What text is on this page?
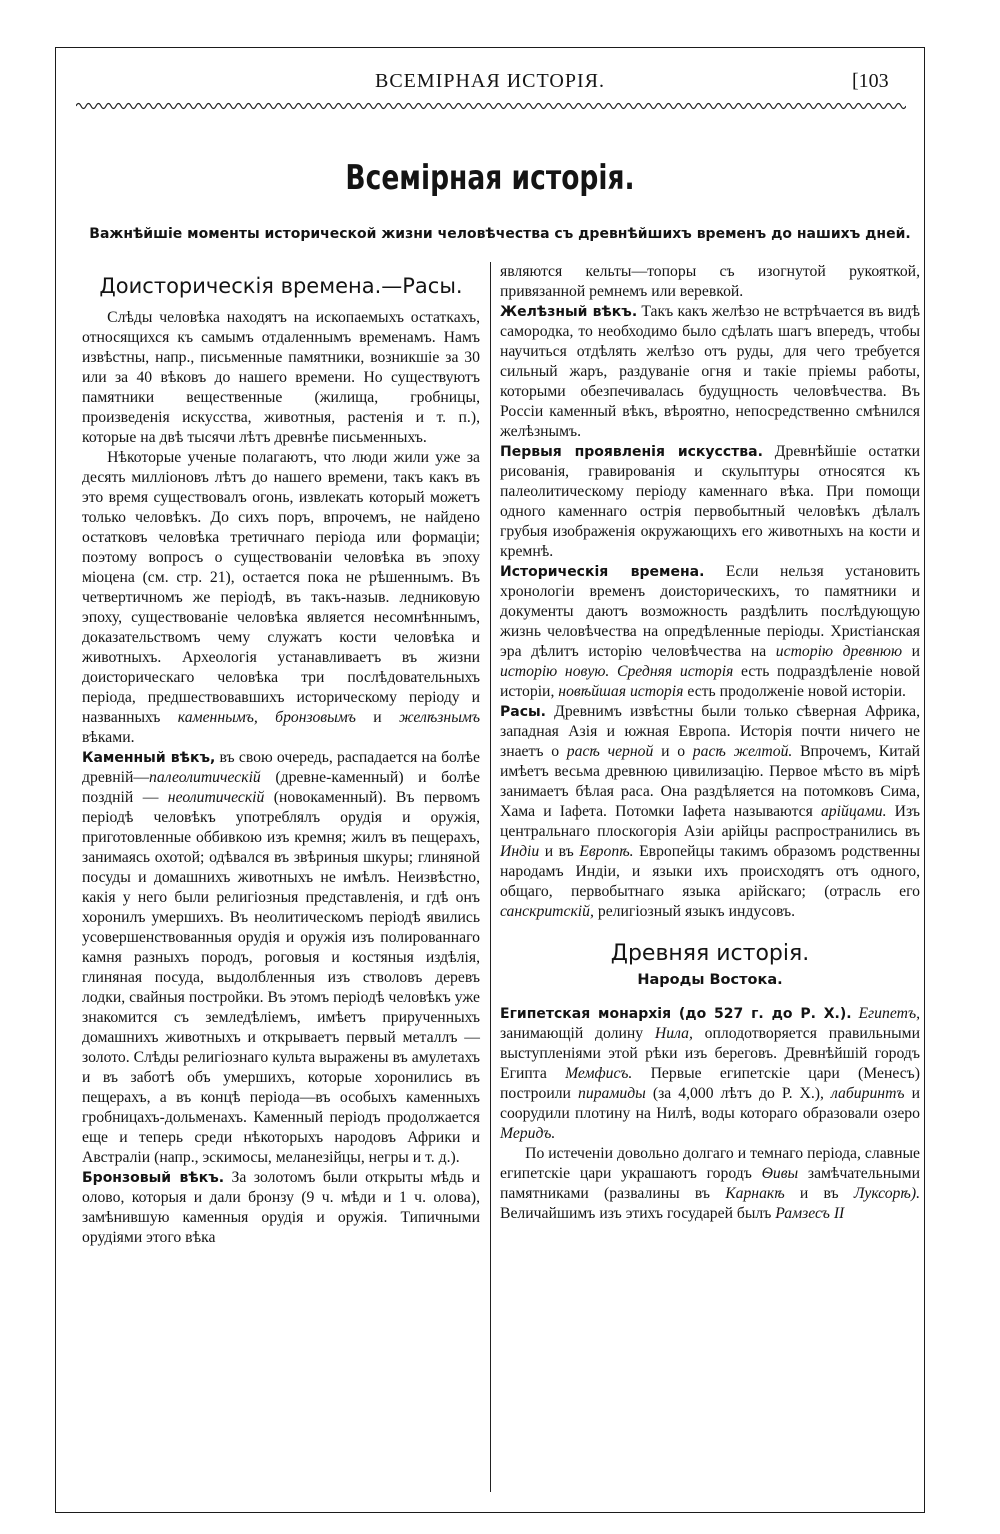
ВСЕМІРНАЯ ИСТОРІЯ.	[103
Всемірная исторія.
Важнѣйшіе моменты исторической жизни человѣчества съ древнѣйшихъ временъ до нашихъ дней.
Доисторическія времена.—Расы.

Слѣды человѣка находятъ на ископаемыхъ остаткахъ, относящихся къ самымъ отдаленнымъ временамъ. Намъ извѣстны, напр., письменные памятники, возникшіе за 30 или за 40 вѣковъ до нашего времени. Но существуютъ памятники вещественные (жилища, гробницы, произведенія искусства, животныя, растенія и т. п.), которые на двѣ тысячи лѣтъ древнѣе письменныхъ.

Нѣкоторые ученые полагаютъ, что люди жили уже за десять милліоновъ лѣтъ до нашего времени, такъ какъ въ это время существовалъ огонь, извлекать который можетъ только человѣкъ. До сихъ поръ, впрочемъ, не найдено остатковъ человѣка третичнаго періода или формаціи; поэтому вопросъ о существованіи человѣка въ эпоху міоцена (см. стр. 21), остается пока не рѣшеннымъ. Въ четвертичномъ же періодѣ, въ такъ-назыв. ледниковую эпоху, существованіе человѣка является несомнѣннымъ, доказательствомъ чему служатъ кости человѣка и животныхъ. Археологія устанавливаетъ въ жизни доисторическаго человѣка три послѣдовательныхъ періода, предшествовавшихъ историческому періоду и названныхъ каменнымъ, бронзовымъ и желѣзнымъ вѣками.

Каменный вѣкъ, въ свою очередь, распадается на болѣе древній—палеолитическій (древне-каменный) и болѣе поздній — неолитическій (новокаменный). Въ первомъ періодѣ человѣкъ употреблялъ орудія и оружія, приготовленные оббивкою изъ кремня; жилъ въ пещерахъ, занимаясь охотой; одѣвался въ звѣриныя шкуры; глиняной посуды и домашнихъ животныхъ не имѣлъ. Неизвѣстно, какія у него были религіозныя представленія, и гдѣ онъ хоронилъ умершихъ. Въ неолитическомъ періодѣ явились усовершенствованныя орудія и оружія изъ полированнаго камня разныхъ породъ, роговыя и костяныя издѣлія, глиняная посуда, выдолбленныя изъ стволовъ деревъ лодки, свайныя постройки. Въ этомъ періодѣ человѣкъ уже знакомится съ земледѣліемъ, имѣетъ прирученныхъ домашнихъ животныхъ и открываетъ первый металлъ — золото. Слѣды религіознаго культа выражены въ амулетахъ и въ заботѣ объ умершихъ, которые хоронились въ пещерахъ, а въ концѣ періода—въ особыхъ каменныхъ гробницахъ-дольменахъ. Каменный періодъ продолжается еще и теперь среди нѣкоторыхъ народовъ Африки и Австраліи (напр., эскимосы, меланезійцы, негры и т. д.).

Бронзовый вѣкъ. За золотомъ были открыты мѣдь и олово, которыя и дали бронзу (9 ч. мѣди и 1 ч. олова), замѣнившую каменныя орудія и оружія. Типичными орудіями этого вѣка

являются кельты—топоры съ изогнутой рукояткой, привязанной ремнемъ или веревкой.

Желѣзный вѣкъ. Такъ какъ желѣзо не встрѣчается въ видѣ самородка, то необходимо было сдѣлать шагъ впередъ, чтобы научиться отдѣлять желѣзо отъ руды, для чего требуется сильный жаръ, раздуваніе огня и такіе пріемы работы, которыми обезпечивалась будущность человѣчества. Въ Россіи каменный вѣкъ, вѣроятно, непосредственно смѣнился желѣзнымъ.

Первыя проявленія искусства. Древнѣйшіе остатки рисованія, гравированія и скульптуры относятся къ палеолитическому періоду каменнаго вѣка. При помощи одного каменнаго острія первобытный человѣкъ дѣлалъ грубыя изображенія окружающихъ его животныхъ на кости и кремнѣ.

Историческія времена. Если нельзя установить хронологіи временъ доисторическихъ, то памятники и документы даютъ возможность раздѣлить послѣдующую жизнь человѣчества на опредѣленные періоды. Христіанская эра дѣлитъ исторію человѣчества на исторію древнюю и исторію новую. Средняя исторія есть подраздѣленіе новой исторіи, новѣйшая исторія есть продолженіе новой исторіи.

Расы. Древнимъ извѣстны были только сѣверная Африка, западная Азія и южная Европа. Исторія почти ничего не знаетъ о расѣ черной и о расѣ желтой. Впрочемъ, Китай имѣетъ весьма древнюю цивилизацію. Первое мѣсто въ мірѣ занимаетъ бѣлая раса. Она раздѣляется на потомковъ Сима, Хама и Іафета. Потомки Іафета называются арійцами. Изъ центральнаго плоскогорія Азіи арійцы распространились въ Индіи и въ Европѣ. Европейцы такимъ образомъ родственны народамъ Индіи, и языки ихъ происходятъ отъ одного, общаго, первобытнаго языка арійскаго; (отрасль его санскритскій, религіозный языкъ индусовъ.

Древняя исторія.
Народы Востока.

Египетская монархія (до 527 г. до Р. X.). Египетъ, занимающій долину Нила, оплодотворяется правильными выступленіями этой рѣки изъ береговъ. Древнѣйшій городъ Египта Мемфисъ. Первые египетскіе цари (Менесъ) построили пирамиды (за 4,000 лѣтъ до Р. X.), лабиринтъ и соорудили плотину на Нилѣ, воды котораго образовали озеро Меридъ.

По истеченіи довольно долгаго и темнаго періода, славные египетскіе цари украшаютъ городъ Ѳивы замѣчательными памятниками (развалины въ Карнакѣ и въ Луксорѣ). Величайшимъ изъ этихъ государей былъ Рамзесъ II
